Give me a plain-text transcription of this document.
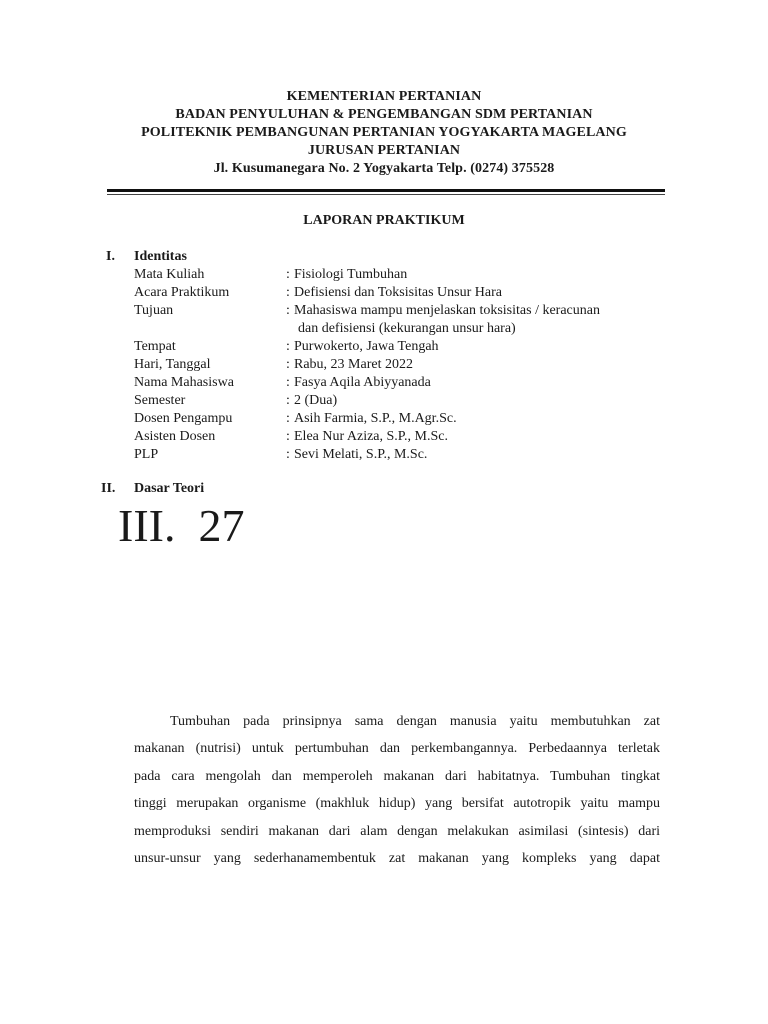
KEMENTERIAN PERTANIAN
BADAN PENYULUHAN & PENGEMBANGAN SDM PERTANIAN
POLITEKNIK PEMBANGUNAN PERTANIAN YOGYAKARTA MAGELANG
JURUSAN PERTANIAN
Jl. Kusumanegara No. 2 Yogyakarta Telp. (0274) 375528
LAPORAN PRAKTIKUM
I. Identitas
Mata Kuliah	: Fisiologi Tumbuhan
Acara Praktikum	: Defisiensi dan Toksisitas Unsur Hara
Tujuan	: Mahasiswa mampu menjelaskan toksisitas / keracunan
dan defisiensi (kekurangan unsur hara)
Tempat	: Purwokerto, Jawa Tengah
Hari, Tanggal	: Rabu, 23 Maret 2022
Nama Mahasiswa	: Fasya Aqila Abiyyanada
Semester	: 2 (Dua)
Dosen Pengampu	: Asih Farmia, S.P., M.Agr.Sc.
Asisten Dosen	: Elea Nur Aziza, S.P., M.Sc.
PLP	: Sevi Melati, S.P., M.Sc.
II. Dasar Teori
III.  27
Tumbuhan pada prinsipnya sama dengan manusia yaitu membutuhkan zat
makanan (nutrisi) untuk pertumbuhan dan perkembangannya. Perbedaannya terletak
pada cara mengolah dan memperoleh makanan dari habitatnya. Tumbuhan tingkat
tinggi merupakan organisme (makhluk hidup) yang bersifat autotropik yaitu mampu
memproduksi sendiri makanan dari alam dengan melakukan asimilasi (sintesis) dari
unsur-unsur yang sederhanamembentuk zat makanan yang kompleks yang dapat
